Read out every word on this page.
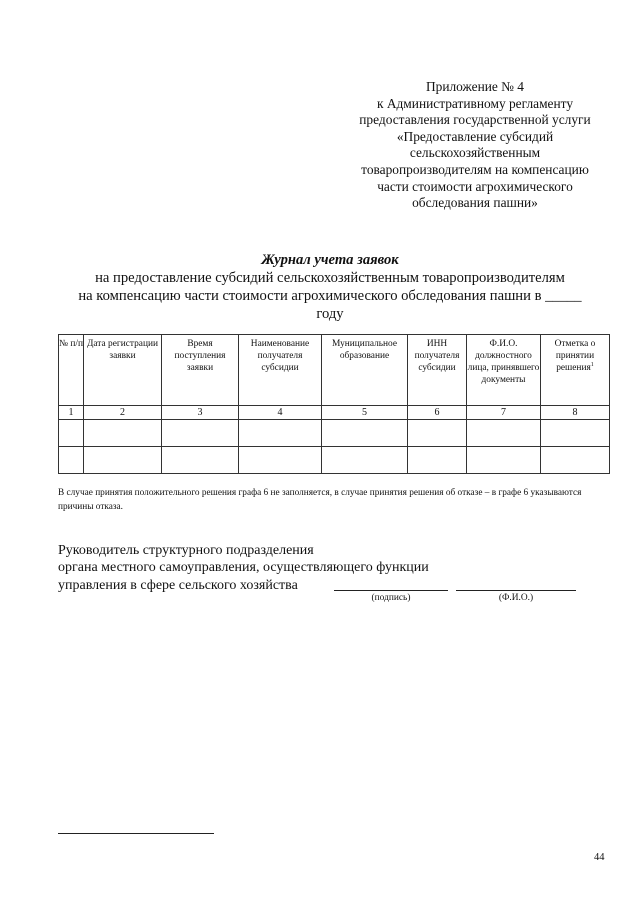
Приложение № 4
к Административному регламенту
предоставления государственной услуги
«Предоставление субсидий
сельскохозяйственным
товаропроизводителям на компенсацию
части стоимости агрохимического
обследования пашни»
Журнал учета заявок
на предоставление субсидий сельскохозяйственным товаропроизводителям
на компенсацию части стоимости агрохимического обследования пашни в _____
году
№ п/п	Дата регистрации заявки	Время поступления заявки	Наименование получателя субсидии	Муниципальное образование	ИНН получателя субсидии	Ф.И.О. должностного лица, принявшего документы	Отметка о принятии решения$^1$
1	2	3	4	5	6	7	8

В случае принятия положительного решения графа 6 не заполняется, в случае принятия решения об отказе – в графе 6 указываются причины отказа.
Руководитель структурного подразделения
органа местного самоуправления, осуществляющего функции
управления в сфере сельского хозяйства
(подпись)	(Ф.И.О.)
44
